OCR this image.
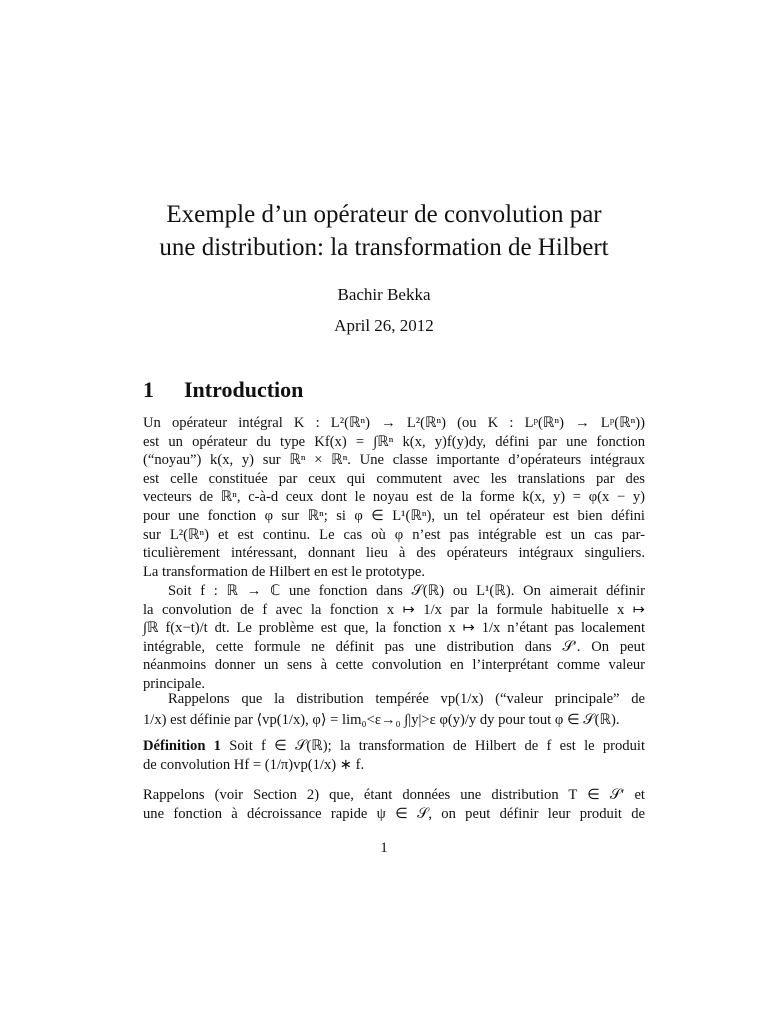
Exemple d’un opérateur de convolution par
une distribution: la transformation de Hilbert
Bachir Bekka
April 26, 2012
1 Introduction
Un opérateur intégral K : L²(ℝⁿ) → L²(ℝⁿ) (ou K : Lᵖ(ℝⁿ) → Lᵖ(ℝⁿ))
est un opérateur du type Kf(x) = ∫ℝⁿ k(x, y)f(y)dy, défini par une fonction
(“noyau”) k(x, y) sur ℝⁿ × ℝⁿ. Une classe importante d’opérateurs intégraux
est celle constituée par ceux qui commutent avec les translations par des
vecteurs de ℝⁿ, c-à-d ceux dont le noyau est de la forme k(x, y) = φ(x − y)
pour une fonction φ sur ℝⁿ; si φ ∈ L¹(ℝⁿ), un tel opérateur est bien défini
sur L²(ℝⁿ) et est continu. Le cas où φ n’est pas intégrable est un cas par-
ticulièrement intéressant, donnant lieu à des opérateurs intégraux singuliers.
La transformation de Hilbert en est le prototype.
Soit f : ℝ → ℂ une fonction dans 𝒮(ℝ) ou L¹(ℝ). On aimerait définir
la convolution de f avec la fonction x ↦ 1/x par la formule habituelle x ↦
∫ℝ f(x−t)/t dt. Le problème est que, la fonction x ↦ 1/x n’étant pas localement
intégrable, cette formule ne définit pas une distribution dans 𝒮′. On peut
néanmoins donner un sens à cette convolution en l’interprétant comme valeur
principale.
Rappelons que la distribution tempérée vp(1/x) (“valeur principale” de
1/x) est définie par ⟨vp(1/x), φ⟩ = lim₀<ε→₀ ∫|y|>ε φ(y)/y dy pour tout φ ∈ 𝒮(ℝ).
Définition 1 Soit f ∈ 𝒮(ℝ); la transformation de Hilbert de f est le produit
de convolution Hf = (1/π)vp(1/x) ∗ f.
Rappelons (voir Section 2) que, étant données une distribution T ∈ 𝒮′ et
une fonction à décroissance rapide ψ ∈ 𝒮, on peut définir leur produit de
1
